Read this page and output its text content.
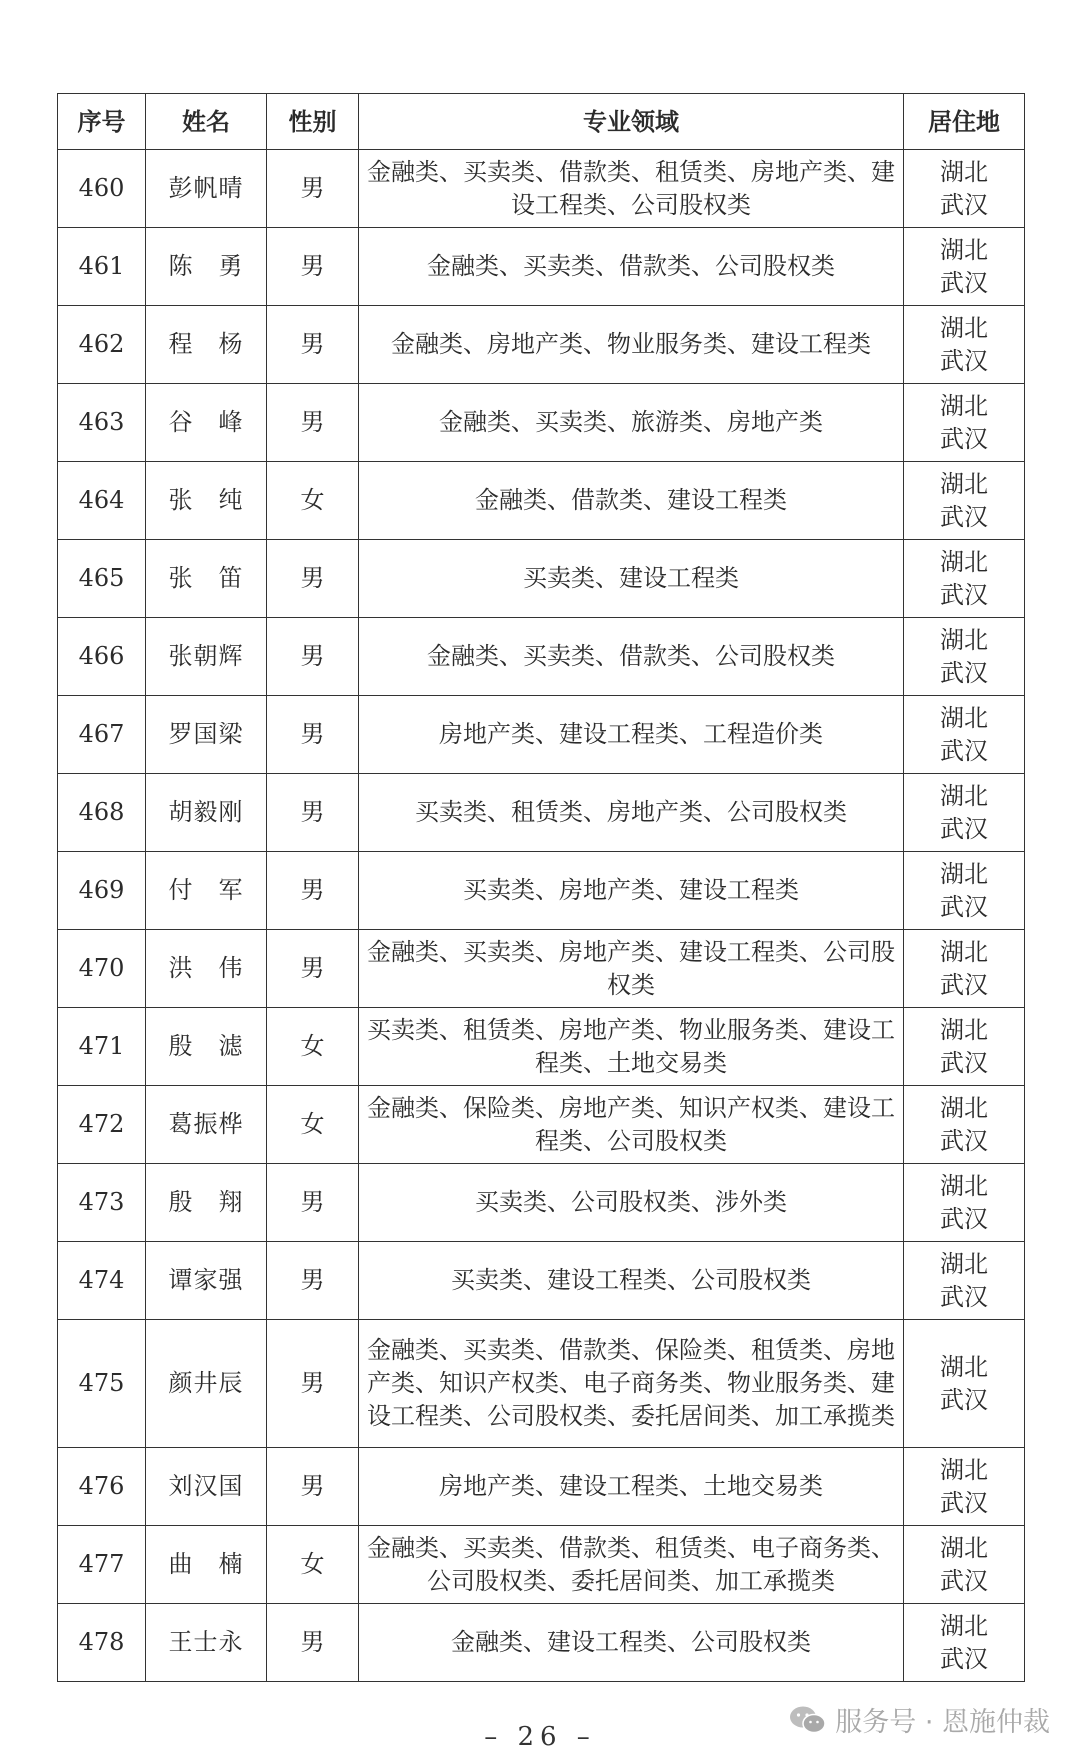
序号	姓名	性别	专业领域	居住地
460	彭帆晴	男	金融类、买卖类、借款类、租赁类、房地产类、建设工程类、公司股权类	湖北
武汉

461	陈　勇	男	金融类、买卖类、借款类、公司股权类	湖北
武汉

462	程　杨	男	金融类、房地产类、物业服务类、建设工程类	湖北
武汉

463	谷　峰	男	金融类、买卖类、旅游类、房地产类	湖北
武汉

464	张　纯	女	金融类、借款类、建设工程类	湖北
武汉

465	张　笛	男	买卖类、建设工程类	湖北
武汉

466	张朝辉	男	金融类、买卖类、借款类、公司股权类	湖北
武汉

467	罗国梁	男	房地产类、建设工程类、工程造价类	湖北
武汉

468	胡毅刚	男	买卖类、租赁类、房地产类、公司股权类	湖北
武汉

469	付　军	男	买卖类、房地产类、建设工程类	湖北
武汉

470	洪　伟	男	金融类、买卖类、房地产类、建设工程类、公司股权类	湖北
武汉

471	殷　滤	女	买卖类、租赁类、房地产类、物业服务类、建设工程类、土地交易类	湖北
武汉

472	葛振桦	女	金融类、保险类、房地产类、知识产权类、建设工程类、公司股权类	湖北
武汉

473	殷　翔	男	买卖类、公司股权类、涉外类	湖北
武汉

474	谭家强	男	买卖类、建设工程类、公司股权类	湖北
武汉

475	颜井辰	男	金融类、买卖类、借款类、保险类、租赁类、房地产类、知识产权类、电子商务类、物业服务类、建设工程类、公司股权类、委托居间类、加工承揽类	湖北
武汉

476	刘汉国	男	房地产类、建设工程类、土地交易类	湖北
武汉

477	曲　楠	女	金融类、买卖类、借款类、租赁类、电子商务类、公司股权类、委托居间类、加工承揽类	湖北
武汉

478	王士永	男	金融类、建设工程类、公司股权类	湖北
武汉
– 26 –	服务号 · 恩施仲裁
